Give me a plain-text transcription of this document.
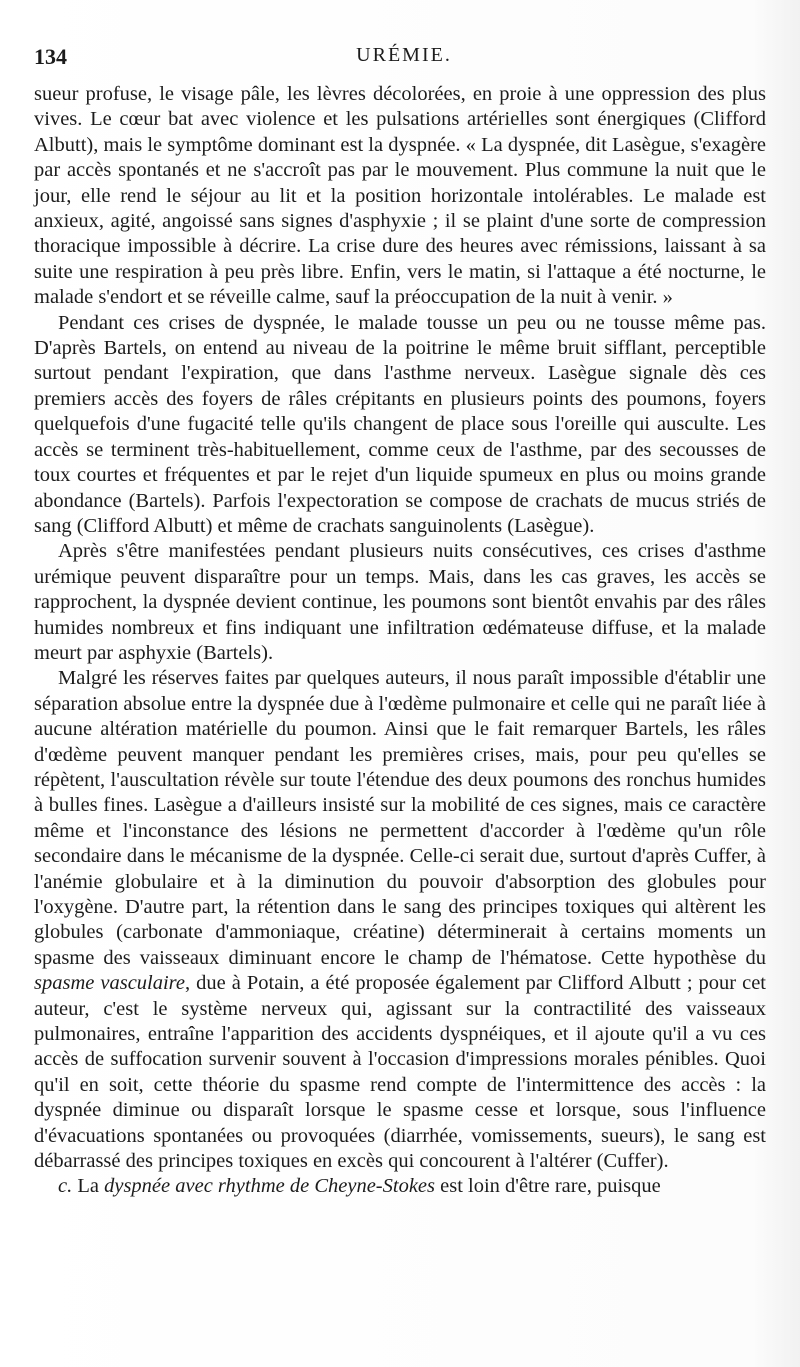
134	URÉMIE.

sueur profuse, le visage pâle, les lèvres décolorées, en proie à une oppression des plus vives. Le cœur bat avec violence et les pulsations artérielles sont énergiques (Clifford Albutt), mais le symptôme dominant est la dyspnée. « La dyspnée, dit Lasègue, s'exagère par accès spontanés et ne s'accroît pas par le mouvement. Plus commune la nuit que le jour, elle rend le séjour au lit et la position horizontale intolérables. Le malade est anxieux, agité, angoissé sans signes d'asphyxie ; il se plaint d'une sorte de compression thoracique impossible à décrire. La crise dure des heures avec rémissions, laissant à sa suite une respiration à peu près libre. Enfin, vers le matin, si l'attaque a été nocturne, le malade s'endort et se réveille calme, sauf la préoccupation de la nuit à venir. »

Pendant ces crises de dyspnée, le malade tousse un peu ou ne tousse même pas. D'après Bartels, on entend au niveau de la poitrine le même bruit sifflant, perceptible surtout pendant l'expiration, que dans l'asthme nerveux. Lasègue signale dès ces premiers accès des foyers de râles crépitants en plusieurs points des poumons, foyers quelquefois d'une fugacité telle qu'ils changent de place sous l'oreille qui ausculte. Les accès se terminent très-habituellement, comme ceux de l'asthme, par des secousses de toux courtes et fréquentes et par le rejet d'un liquide spumeux en plus ou moins grande abondance (Bartels). Parfois l'expectoration se compose de crachats de mucus striés de sang (Clifford Albutt) et même de crachats sanguinolents (Lasègue).

Après s'être manifestées pendant plusieurs nuits consécutives, ces crises d'asthme urémique peuvent disparaître pour un temps. Mais, dans les cas graves, les accès se rapprochent, la dyspnée devient continue, les poumons sont bientôt envahis par des râles humides nombreux et fins indiquant une infiltration œdémateuse diffuse, et la malade meurt par asphyxie (Bartels).

Malgré les réserves faites par quelques auteurs, il nous paraît impossible d'établir une séparation absolue entre la dyspnée due à l'œdème pulmonaire et celle qui ne paraît liée à aucune altération matérielle du poumon. Ainsi que le fait remarquer Bartels, les râles d'œdème peuvent manquer pendant les premières crises, mais, pour peu qu'elles se répètent, l'auscultation révèle sur toute l'étendue des deux poumons des ronchus humides à bulles fines. Lasègue a d'ailleurs insisté sur la mobilité de ces signes, mais ce caractère même et l'inconstance des lésions ne permettent d'accorder à l'œdème qu'un rôle secondaire dans le mécanisme de la dyspnée. Celle-ci serait due, surtout d'après Cuffer, à l'anémie globulaire et à la diminution du pouvoir d'absorption des globules pour l'oxygène. D'autre part, la rétention dans le sang des principes toxiques qui altèrent les globules (carbonate d'ammoniaque, créatine) déterminerait à certains moments un spasme des vaisseaux diminuant encore le champ de l'hématose. Cette hypothèse du spasme vasculaire, due à Potain, a été proposée également par Clifford Albutt ; pour cet auteur, c'est le système nerveux qui, agissant sur la contractilité des vaisseaux pulmonaires, entraîne l'apparition des accidents dyspnéiques, et il ajoute qu'il a vu ces accès de suffocation survenir souvent à l'occasion d'impressions morales pénibles. Quoi qu'il en soit, cette théorie du spasme rend compte de l'intermittence des accès : la dyspnée diminue ou disparaît lorsque le spasme cesse et lorsque, sous l'influence d'évacuations spontanées ou provoquées (diarrhée, vomissements, sueurs), le sang est débarrassé des principes toxiques en excès qui concourent à l'altérer (Cuffer).

c. La dyspnée avec rhythme de Cheyne-Stokes est loin d'être rare, puisque
